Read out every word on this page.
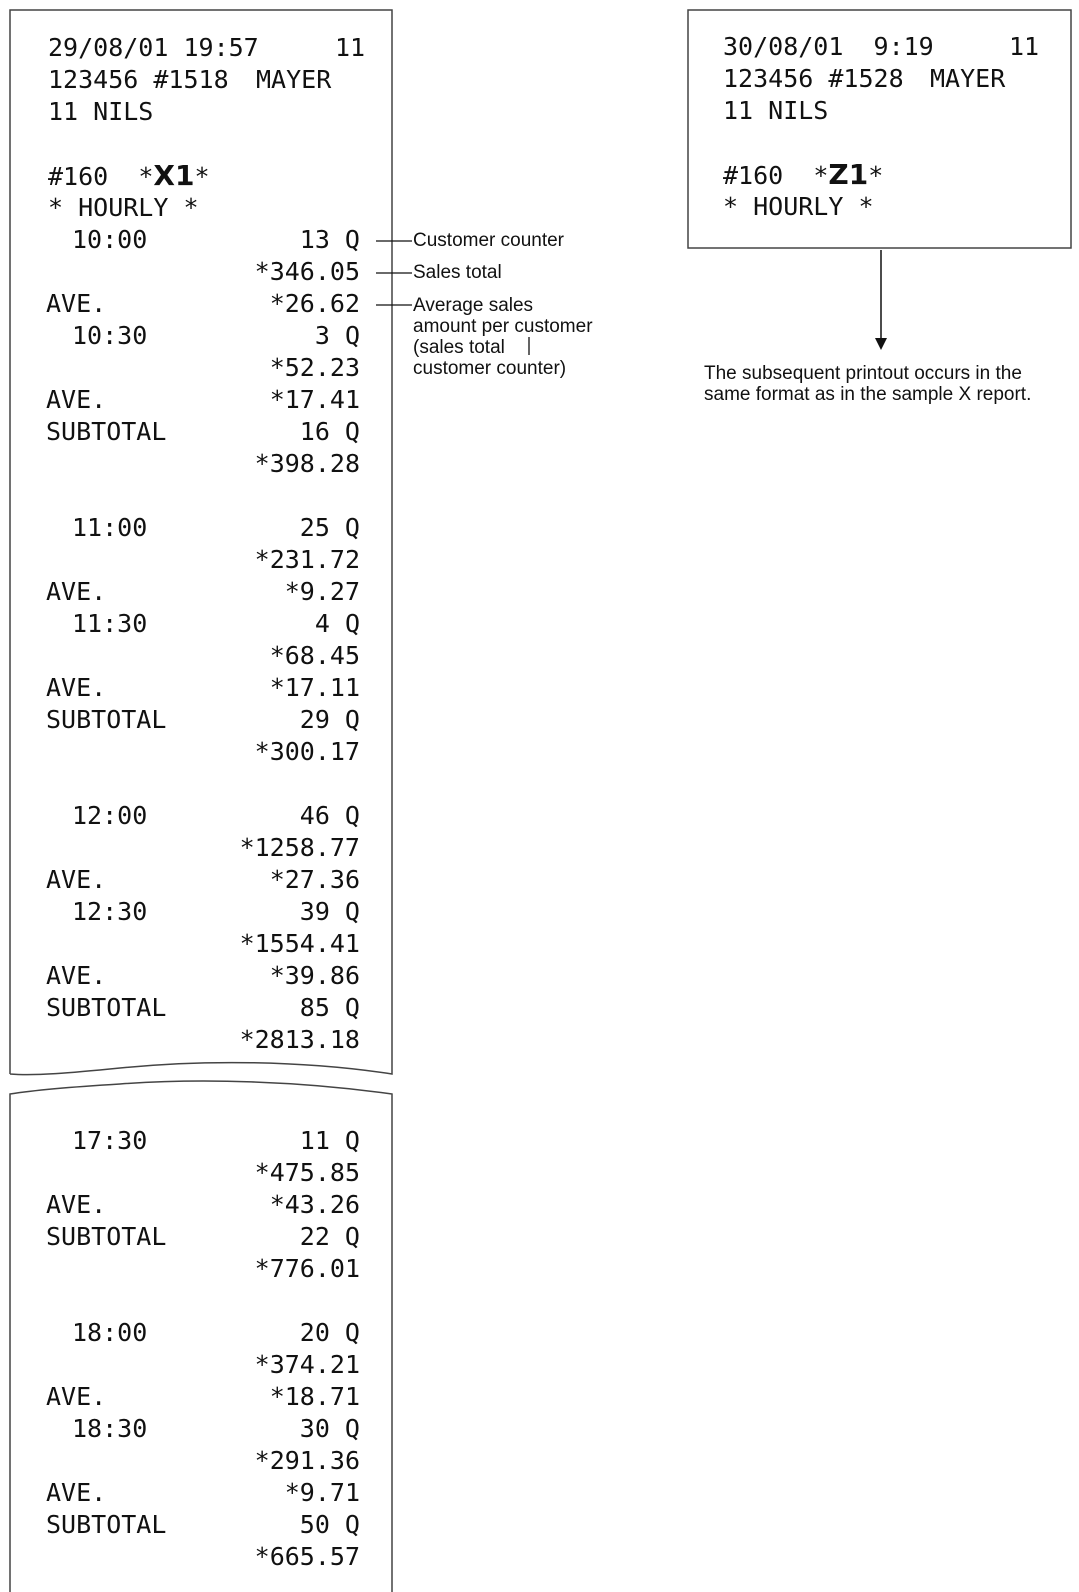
29/08/01 19:57	11
123456 #1518 MAYER
11 NILS
#160 *X1*
* HOURLY *
10:00	13 Q
*346.05
AVE.	*26.62
10:30	3 Q
*52.23
AVE.	*17.41
SUBTOTAL	16 Q
*398.28
11:00	25 Q
*231.72
AVE.	*9.27
11:30	4 Q
*68.45
AVE.	*17.11
SUBTOTAL	29 Q
*300.17
12:00	46 Q
*1258.77
AVE.	*27.36
12:30	39 Q
*1554.41
AVE.	*39.86
SUBTOTAL	85 Q
*2813.18
17:30	11 Q
*475.85
AVE.	*43.26
SUBTOTAL	22 Q
*776.01
18:00	20 Q
*374.21
AVE.	*18.71
18:30	30 Q
*291.36
AVE.	*9.71
SUBTOTAL	50 Q
*665.57
Customer counter
Sales total
Average sales
amount per customer
(sales total
customer counter)
30/08/01  9:19	11
123456 #1528 MAYER
11 NILS
#160 *Z1*
* HOURLY *
The subsequent printout occurs in the
same format as in the sample X report.
